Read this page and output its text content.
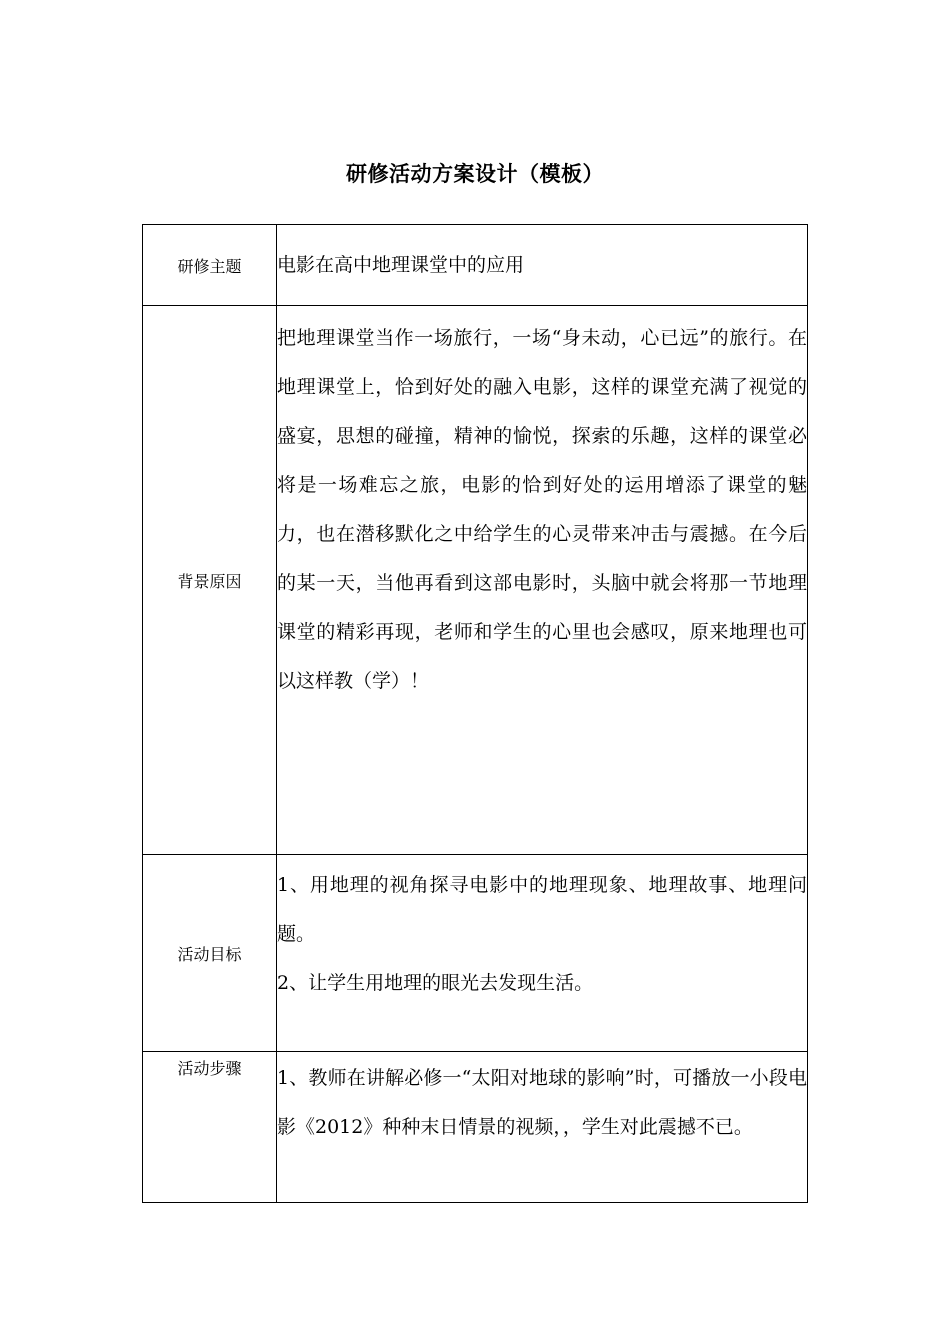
研修活动方案设计（模板）
研修主题	电影在高中地理课堂中的应用

背景原因	把地理课堂当作一场旅行，一场“身未动，心已远”的旅行。在地理课堂上，恰到好处的融入电影，这样的课堂充满了视觉的盛宴，思想的碰撞，精神的愉悦，探索的乐趣，这样的课堂必将是一场难忘之旅，电影的恰到好处的运用增添了课堂的魅力，也在潜移默化之中给学生的心灵带来冲击与震撼。在今后的某一天，当他再看到这部电影时，头脑中就会将那一节地理课堂的精彩再现，老师和学生的心里也会感叹，原来地理也可以这样教（学）！

活动目标	1、用地理的视角探寻电影中的地理现象、地理故事、地理问题。

2、让学生用地理的眼光去发现生活。

活动步骤	1、教师在讲解必修一“太阳对地球的影响”时，可播放一小段电影《2012》种种末日情景的视频，，学生对此震撼不已。
